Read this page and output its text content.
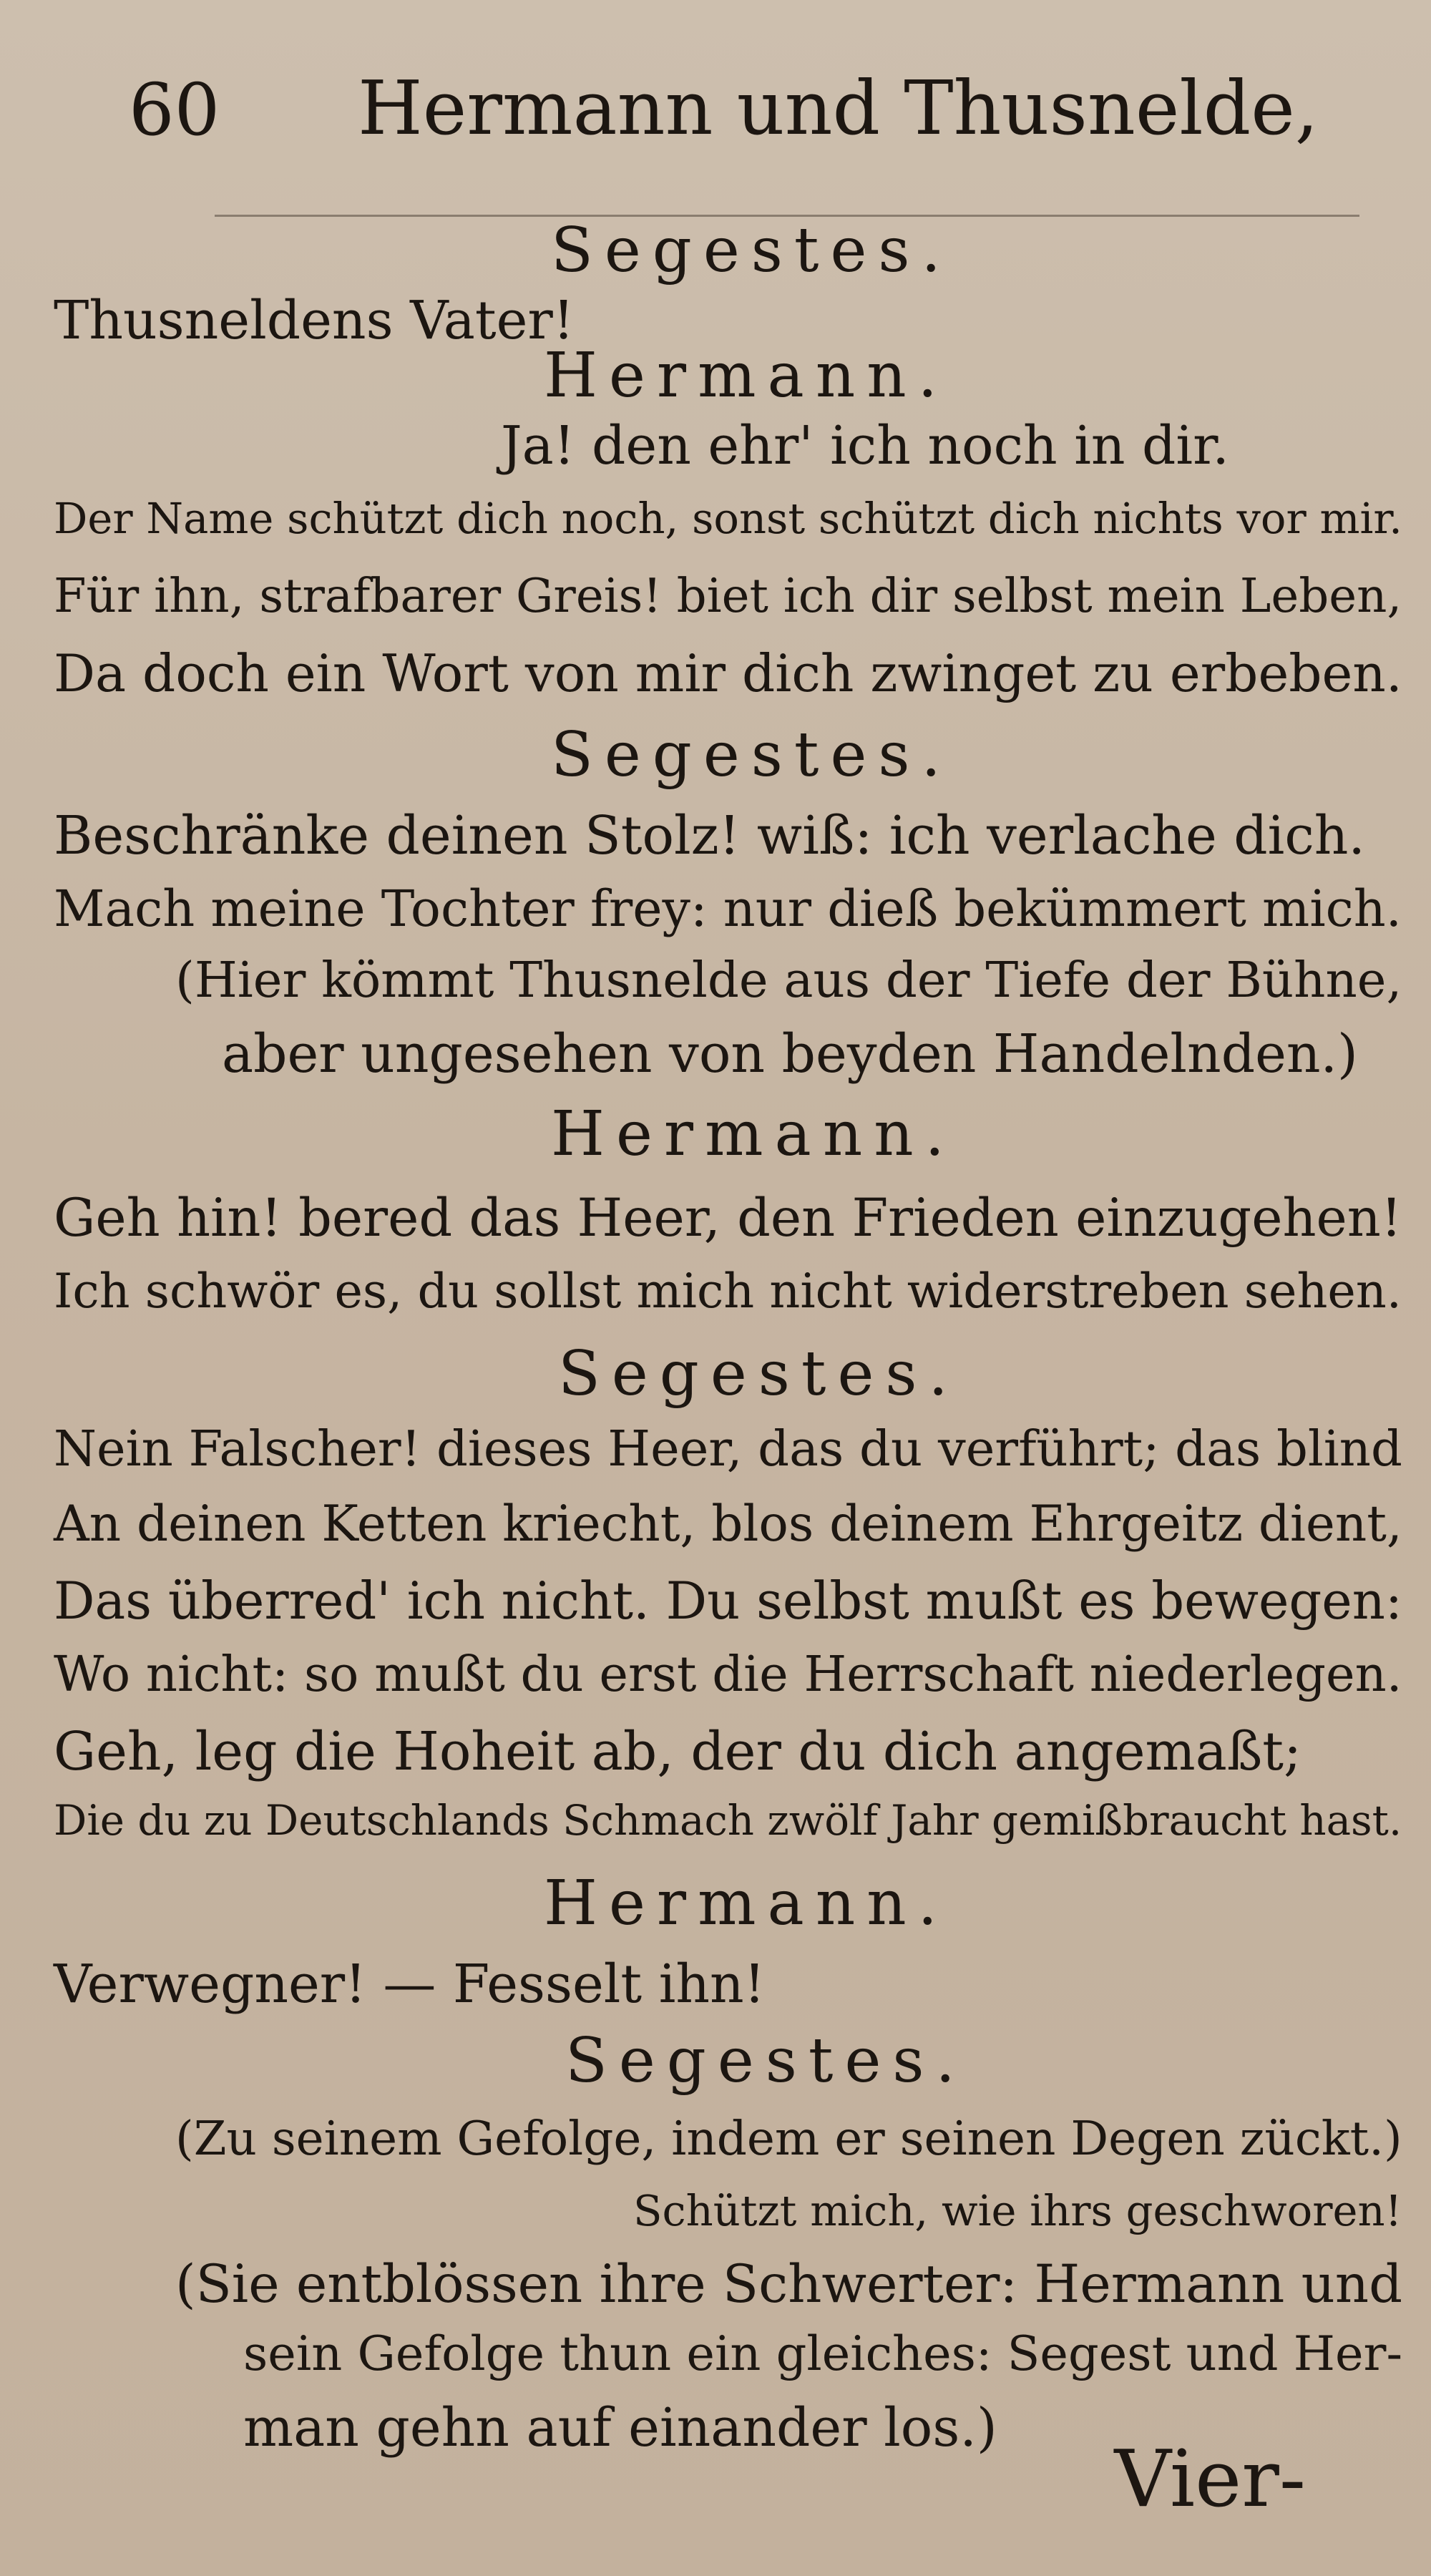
60 Hermann und Thusnelde,
Segestes.
Thusneldens Vater!
Hermann.
Ja! den ehr' ich noch in dir.
Der Name schützt dich noch, sonst schützt dich nichts vor mir.
Für ihn, strafbarer Greis! biet ich dir selbst mein Leben,
Da doch ein Wort von mir dich zwinget zu erbeben.
Segestes.
Beschränke deinen Stolz! wiß: ich verlache dich.
Mach meine Tochter frey: nur dieß bekümmert mich.
(Hier kömmt Thusnelde aus der Tiefe der Bühne,
aber ungesehen von beyden Handelnden.)
Hermann.
Geh hin! bered das Heer, den Frieden einzugehen!
Ich schwör es, du sollst mich nicht widerstreben sehen.
Segestes.
Nein Falscher! dieses Heer, das du verführt; das blind
An deinen Ketten kriecht, blos deinem Ehrgeitz dient,
Das überred' ich nicht. Du selbst mußt es bewegen:
Wo nicht: so mußt du erst die Herrschaft niederlegen.
Geh, leg die Hoheit ab, der du dich angemaßt;
Die du zu Deutschlands Schmach zwölf Jahr gemißbraucht hast.
Hermann.
Verwegner! — Fesselt ihn!
Segestes.
(Zu seinem Gefolge, indem er seinen Degen zückt.)
Schützt mich, wie ihrs geschworen!
(Sie entblössen ihre Schwerter: Hermann und
sein Gefolge thun ein gleiches: Segest und Her-
man gehn auf einander los.)
Vier-
